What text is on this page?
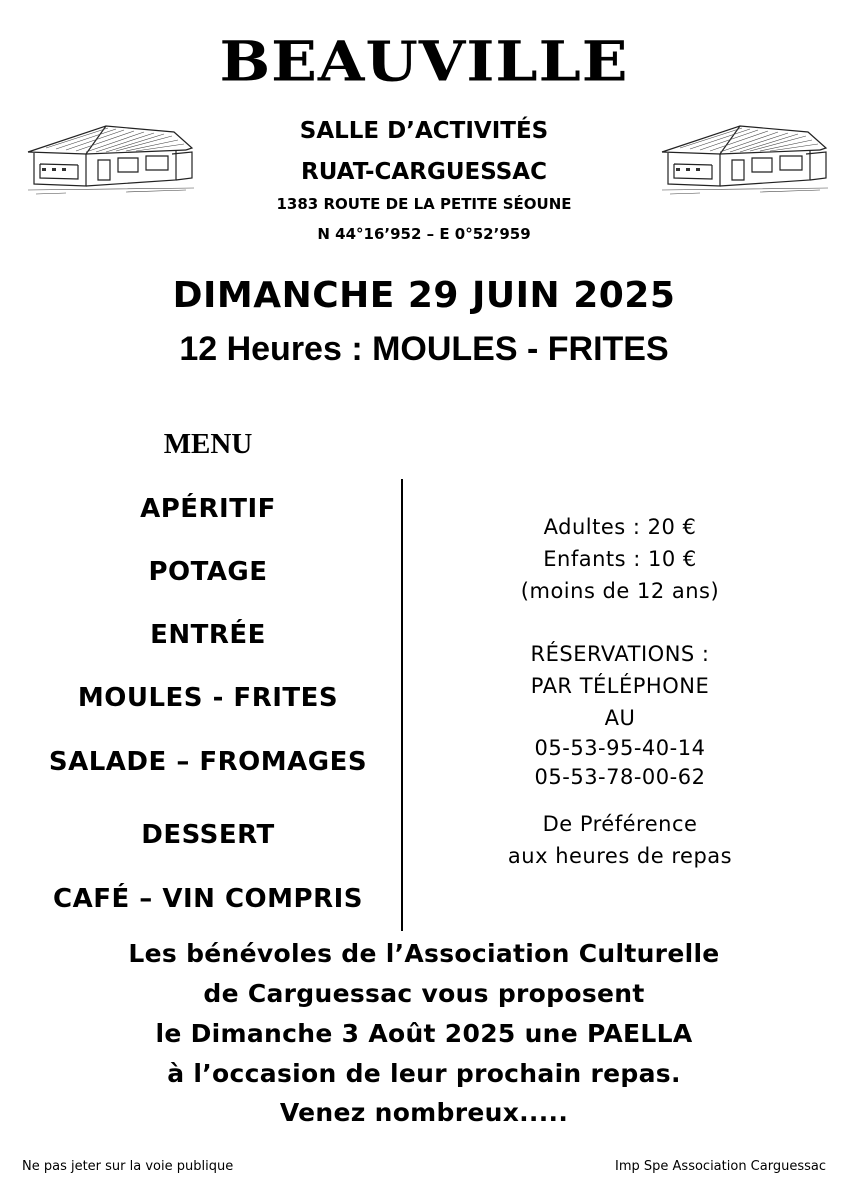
BEAUVILLE
SALLE D’ACTIVITÉS
RUAT-CARGUESSAC
1383 ROUTE DE LA PETITE SÉOUNE
N 44°16’952 – E 0°52’959
DIMANCHE 29 JUIN 2025
12 Heures : MOULES - FRITES
MENU
APÉRITIF
POTAGE
ENTRÉE
MOULES - FRITES
SALADE – FROMAGES
DESSERT
CAFÉ – VIN COMPRIS
Adultes : 20 €
Enfants : 10 €
(moins de 12 ans)
RÉSERVATIONS :
PAR TÉLÉPHONE
AU
05-53-95-40-14
05-53-78-00-62
De Préférence
aux heures de repas
Les bénévoles de l’Association Culturelle
de Carguessac vous proposent
le Dimanche 3 Août 2025 une PAELLA
à l’occasion de leur prochain repas.
Venez nombreux.....
Ne pas jeter sur la voie publique	Imp Spe Association Carguessac
